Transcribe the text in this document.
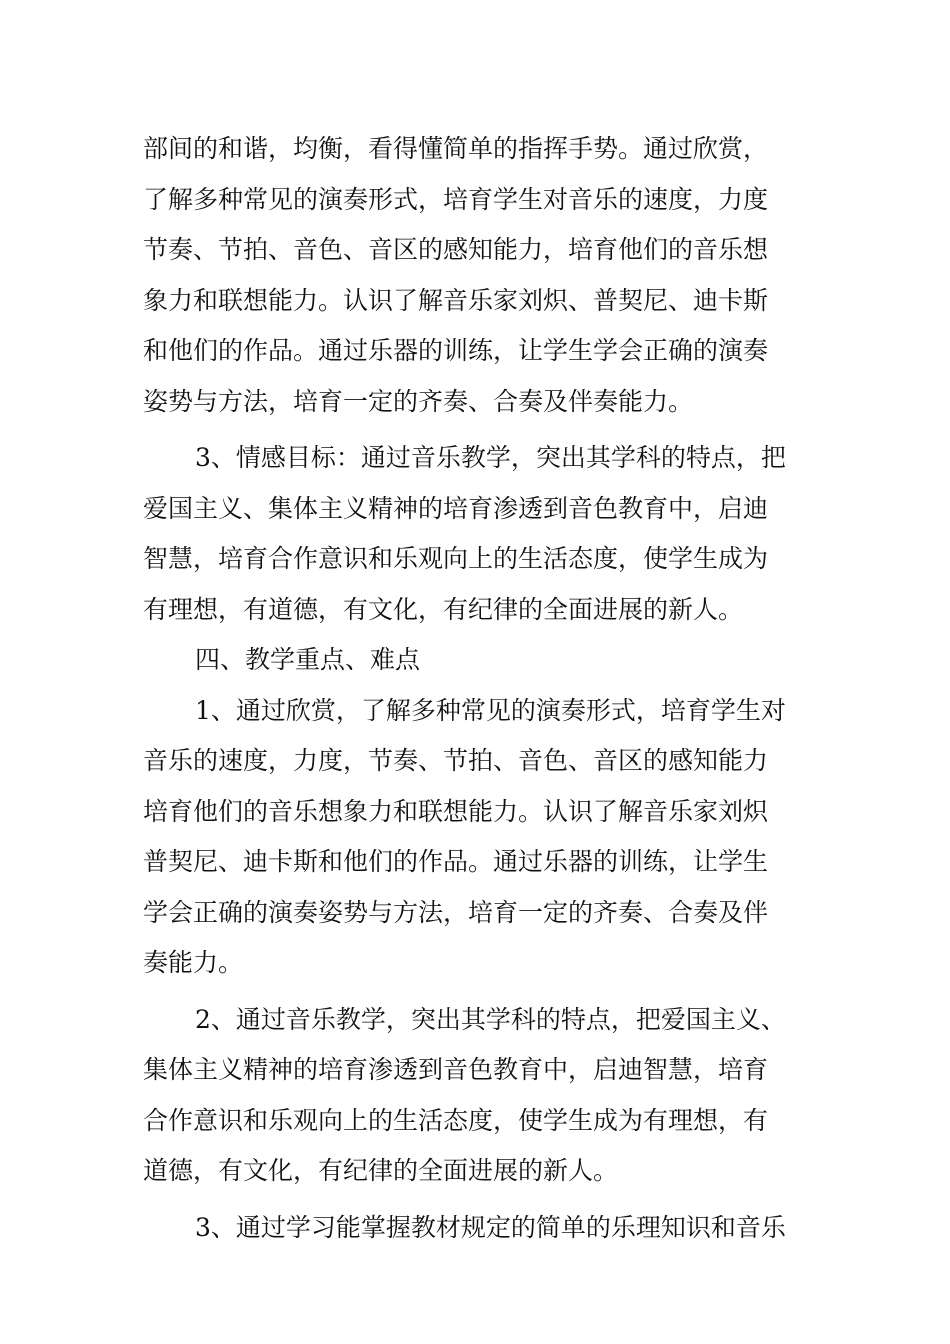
部间的和谐，均衡，看得懂简单的指挥手势。通过欣赏，
了解多种常见的演奏形式，培育学生对音乐的速度，力度
节奏、节拍、音色、音区的感知能力，培育他们的音乐想
象力和联想能力。认识了解音乐家刘炽、普契尼、迪卡斯
和他们的作品。通过乐器的训练，让学生学会正确的演奏
姿势与方法，培育一定的齐奏、合奏及伴奏能力。
3、情感目标：通过音乐教学，突出其学科的特点，把
爱国主义、集体主义精神的培育渗透到音色教育中，启迪
智慧，培育合作意识和乐观向上的生活态度，使学生成为
有理想，有道德，有文化，有纪律的全面进展的新人。
四、教学重点、难点
1、通过欣赏，了解多种常见的演奏形式，培育学生对
音乐的速度，力度，节奏、节拍、音色、音区的感知能力
培育他们的音乐想象力和联想能力。认识了解音乐家刘炽
普契尼、迪卡斯和他们的作品。通过乐器的训练，让学生
学会正确的演奏姿势与方法，培育一定的齐奏、合奏及伴
奏能力。
2、通过音乐教学，突出其学科的特点，把爱国主义、
集体主义精神的培育渗透到音色教育中，启迪智慧，培育
合作意识和乐观向上的生活态度，使学生成为有理想，有
道德，有文化，有纪律的全面进展的新人。
3、通过学习能掌握教材规定的简单的乐理知识和音乐
